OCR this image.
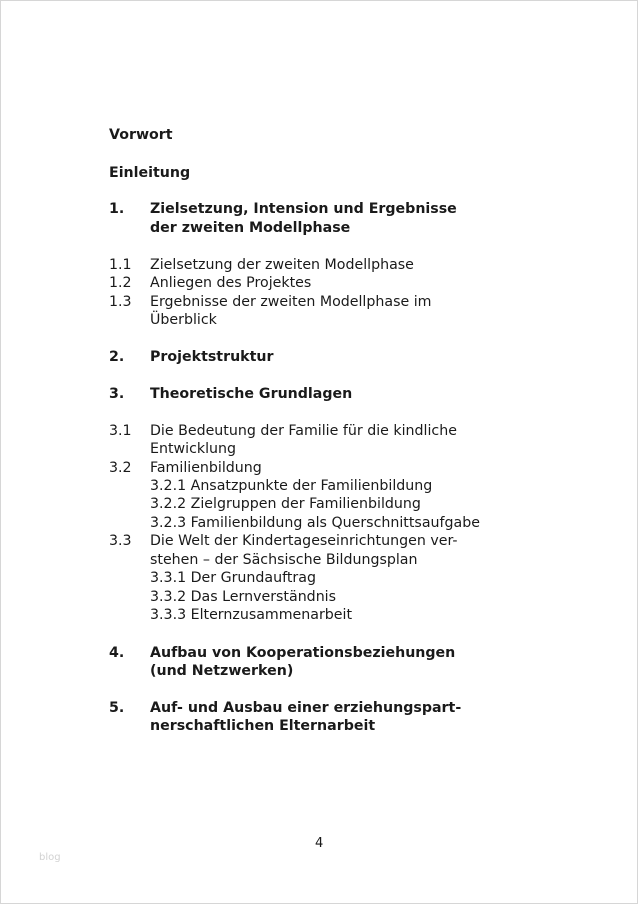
Vorwort
Einleitung
1. Zielsetzung, Intension und Ergebnisse
der zweiten Modellphase
1.1 Zielsetzung der zweiten Modellphase
1.2 Anliegen des Projektes
1.3 Ergebnisse der zweiten Modellphase im
Überblick
2. Projektstruktur
3. Theoretische Grundlagen
3.1 Die Bedeutung der Familie für die kindliche
Entwicklung
3.2 Familienbildung
3.2.1 Ansatzpunkte der Familienbildung
3.2.2 Zielgruppen der Familienbildung
3.2.3 Familienbildung als Querschnittsaufgabe
3.3 Die Welt der Kindertageseinrichtungen ver-
stehen – der Sächsische Bildungsplan
3.3.1 Der Grundauftrag
3.3.2 Das Lernverständnis
3.3.3 Elternzusammenarbeit
4. Aufbau von Kooperationsbeziehungen
(und Netzwerken)
5. Auf- und Ausbau einer erziehungspart-
nerschaftlichen Elternarbeit
4
blog
